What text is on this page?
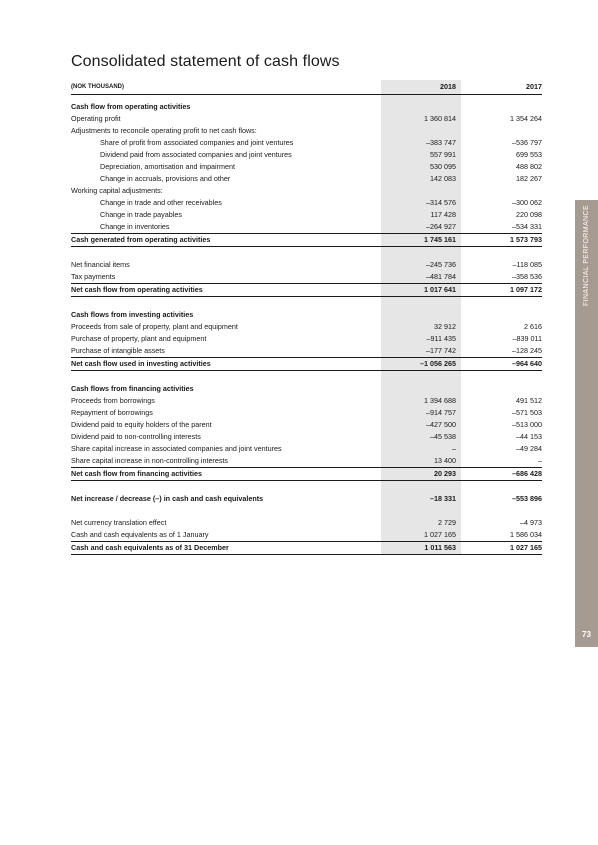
Consolidated statement of cash flows
(NOK THOUSAND)	2018	2017
Cash flow from operating activities
Operating profit	1 360 814	1 354 264
Adjustments to reconcile operating profit to net cash flows:
Share of profit from associated companies and joint ventures	–383 747	–536 797
Dividend paid from associated companies and joint ventures	557 991	699 553
Depreciation, amortisation and impairment	530 095	488 802
Change in accruals, provisions and other	142 083	182 267
Working capital adjustments:
Change in trade and other receivables	–314 576	–300 062
Change in trade payables	117 428	220 098
Change in inventories	–264 927	–534 331
Cash generated from operating activities	1 745 161	1 573 793
Net financial items	–245 736	–118 085
Tax payments	–481 784	–358 536
Net cash flow from operating activities	1 017 641	1 097 172
Cash flows from investing activities
Proceeds from sale of property, plant and equipment	32 912	2 616
Purchase of property, plant and equipment	–911 435	–839 011
Purchase of intangible assets	–177 742	–128 245
Net cash flow used in investing activities	–1 056 265	–964 640
Cash flows from financing activities
Proceeds from borrowings	1 394 688	491 512
Repayment of borrowings	–914 757	–571 503
Dividend paid to equity holders of the parent	–427 500	–513 000
Dividend paid to non-controlling interests	–45 538	–44 153
Share capital increase in associated companies and joint ventures	–	–49 284
Share capital increase in non-controlling interests	13 400	–
Net cash flow from financing activities	20 293	–686 428
Net increase / decrease (–) in cash and cash equivalents	–18 331	–553 896
Net currency translation effect	2 729	–4 973
Cash and cash equivalents as of 1 January	1 027 165	1 586 034
Cash and cash equivalents as of 31 December	1 011 563	1 027 165
FINANCIAL PERFORMANCE
73
